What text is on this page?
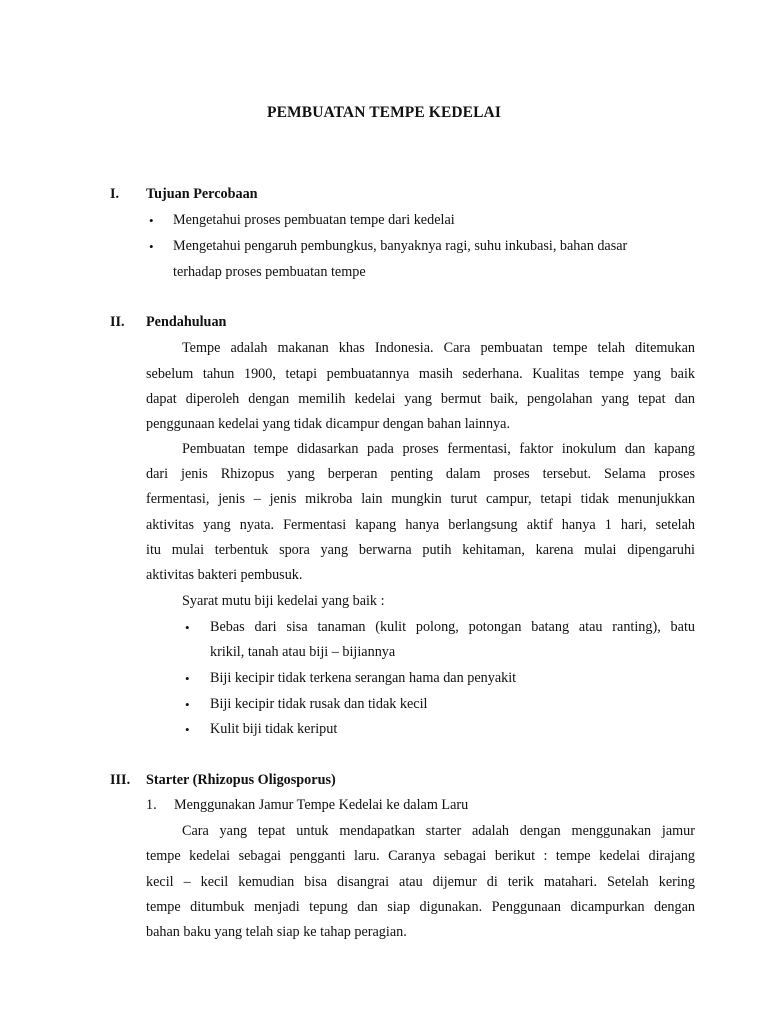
PEMBUATAN TEMPE KEDELAI
I. Tujuan Percobaan
• Mengetahui proses pembuatan tempe dari kedelai
• Mengetahui pengaruh pembungkus, banyaknya ragi, suhu inkubasi, bahan dasar
terhadap proses pembuatan tempe
II. Pendahuluan
Tempe adalah makanan khas Indonesia. Cara pembuatan tempe telah ditemukan
sebelum tahun 1900, tetapi pembuatannya masih sederhana. Kualitas tempe yang baik
dapat diperoleh dengan memilih kedelai yang bermut baik, pengolahan yang tepat dan
penggunaan kedelai yang tidak dicampur dengan bahan lainnya.
Pembuatan tempe didasarkan pada proses fermentasi, faktor inokulum dan kapang
dari jenis Rhizopus yang berperan penting dalam proses tersebut. Selama proses
fermentasi, jenis – jenis mikroba lain mungkin turut campur, tetapi tidak menunjukkan
aktivitas yang nyata. Fermentasi kapang hanya berlangsung aktif hanya 1 hari, setelah
itu mulai terbentuk spora yang berwarna putih kehitaman, karena mulai dipengaruhi
aktivitas bakteri pembusuk.
Syarat mutu biji kedelai yang baik :
• Bebas dari sisa tanaman (kulit polong, potongan batang atau ranting), batu
krikil, tanah atau biji – bijiannya
• Biji kecipir tidak terkena serangan hama dan penyakit
• Biji kecipir tidak rusak dan tidak kecil
• Kulit biji tidak keriput
III. Starter (Rhizopus Oligosporus)
1. Menggunakan Jamur Tempe Kedelai ke dalam Laru
Cara yang tepat untuk mendapatkan starter adalah dengan menggunakan jamur
tempe kedelai sebagai pengganti laru. Caranya sebagai berikut : tempe kedelai dirajang
kecil – kecil kemudian bisa disangrai atau dijemur di terik matahari. Setelah kering
tempe ditumbuk menjadi tepung dan siap digunakan. Penggunaan dicampurkan dengan
bahan baku yang telah siap ke tahap peragian.
